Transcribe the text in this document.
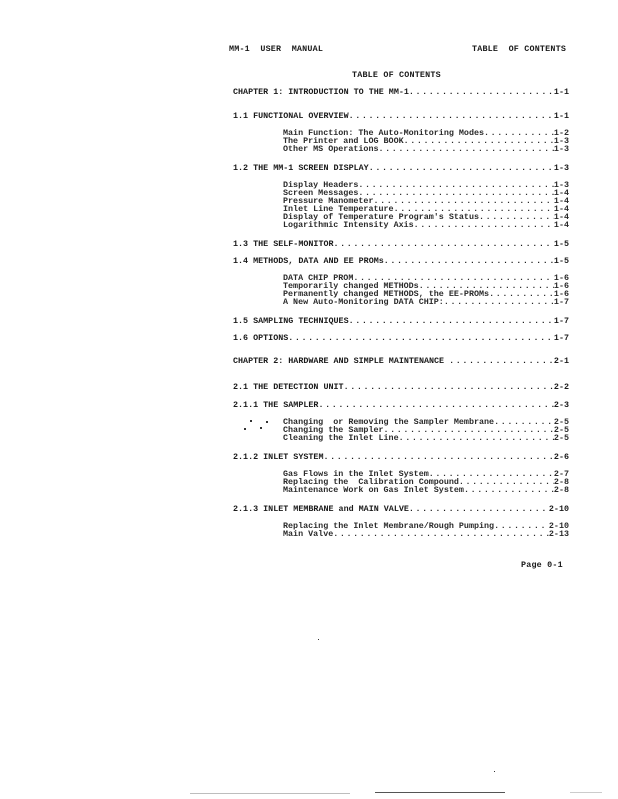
MM-1  USER  MANUAL	TABLE  OF CONTENTS
TABLE OF CONTENTS
CHAPTER 1: INTRODUCTION TO THE MM-1 .....	1-1
1.1 FUNCTIONAL OVERVIEW .....	1-1
Main Function: The Auto-Monitoring Modes .....	1-2
The Printer and LOG BOOK .....	1-3
Other MS Operations .....	1-3
1.2 THE MM-1 SCREEN DISPLAY .....	1-3
Display Headers .....	1-3
Screen Messages .....	1-4
Pressure Manometer .....	1-4
Inlet Line Temperature .....	1-4
Display of Temperature Program's Status .....	1-4
Logarithmic Intensity Axis .....	1-4
1.3 THE SELF-MONITOR .....	1-5
1.4 METHODS, DATA AND EE PROMs .....	1-5
DATA CHIP PROM .....	1-6
Temporarily changed METHODs .....	1-6
Permanently changed METHODS, the EE-PROMs .....	1-6
A New Auto-Monitoring DATA CHIP: .....	1-7
1.5 SAMPLING TECHNIQUES .....	1-7
1.6 OPTIONS .....	1-7
CHAPTER 2: HARDWARE AND SIMPLE MAINTENANCE .....	2-1
2.1 THE DETECTION UNIT .....	2-2
2.1.1 THE SAMPLER .....	2-3
Changing  or Removing the Sampler Membrane .....	2-5
Changing the Sampler .....	2-5
Cleaning the Inlet Line .....	2-5
2.1.2 INLET SYSTEM .....	2-6
Gas Flows in the Inlet System .....	2-7
Replacing the  Calibration Compound .....	2-8
Maintenance Work on Gas Inlet System .....	2-8
2.1.3 INLET MEMBRANE and MAIN VALVE .....	2-10
Replacing the Inlet Membrane/Rough Pumping .....	2-10
Main Valve .....	2-13
Page 0-1
